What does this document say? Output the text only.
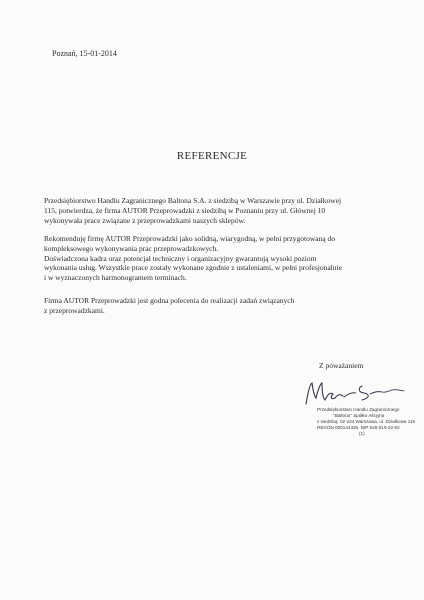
Poznań, 15-01-2014
REFERENCJE

Przedsiębiorstwo Handlu Zagranicznego Baltona S.A. z siedzibą w Warszawie przy ul. Działkowej
115, potwierdza, że firma AUTOR Przeprowadzki z siedzibą w Poznaniu przy ul. Głównej 10
wykonywała prace związane z przeprowadzkami naszych sklepów.

Rekomenduję firmę AUTOR Przeprowadzki jako solidną, wiarygodną, w pełni przygotowaną do
kompleksowego wykonywania prac przeprowadzkowych.
Doświadczona kadra oraz potencjał techniczny i organizacyjny gwarantują wysoki poziom
wykonania usług. Wszystkie prace zostały wykonane zgodnie z ustaleniami, w pełni profesjonalnie
i w wyznaczonych harmonogramem terminach.

Firma AUTOR Przeprowadzki jest godna polecenia do realizacji zadań związanych
z przeprowadzkami.

Z poważaniem
Przedsiębiorstwo Handlu Zagranicznego
"Baltona" Spółka Akcyjna
z siedzibą: 02-234 Warszawa, ul. Działkowa 115
REGON 000144335, NIP 526-010-22-92
(1)
